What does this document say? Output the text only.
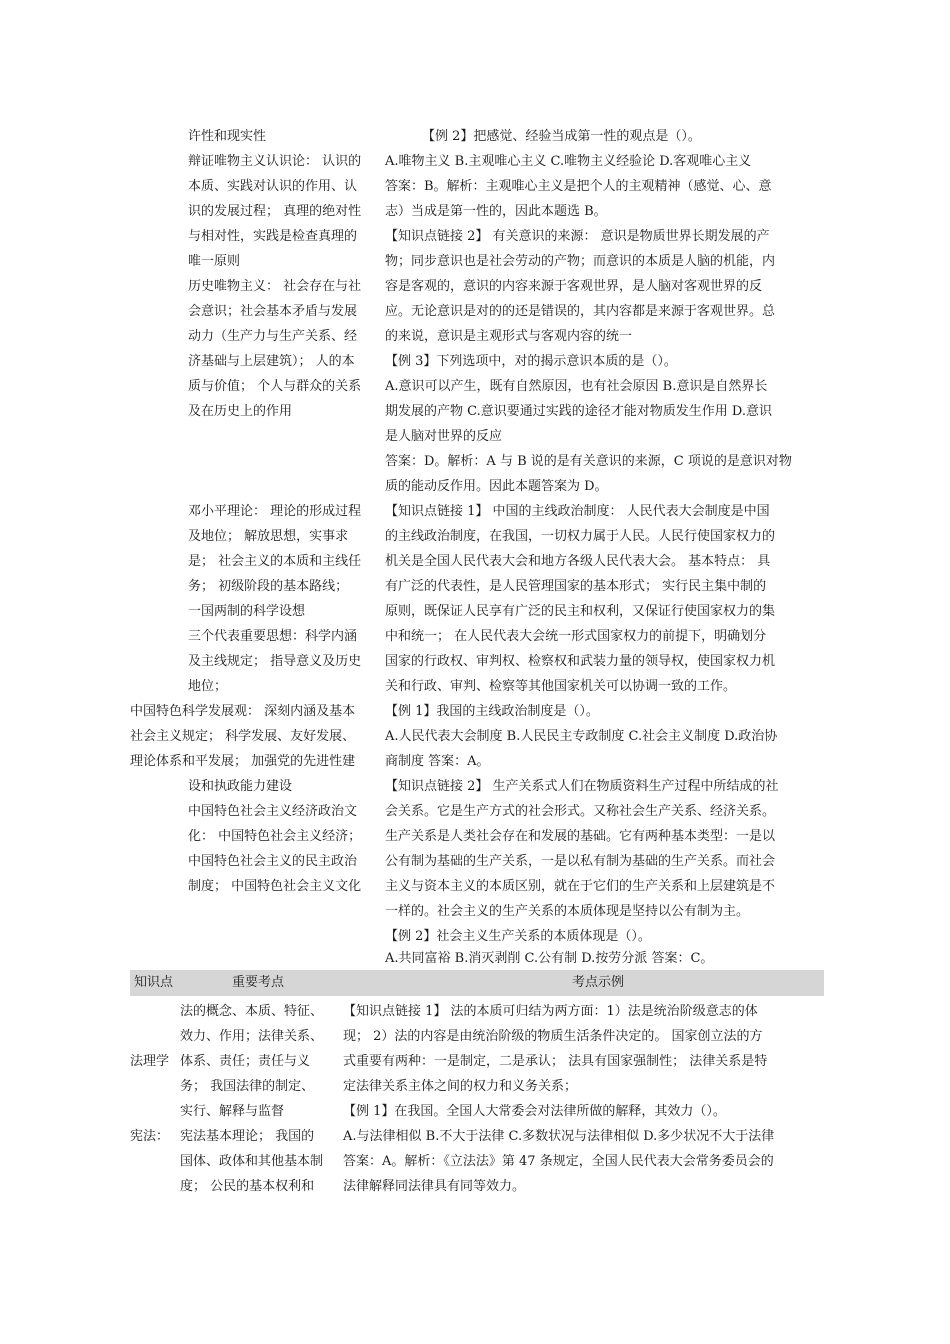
许性和现实性

辩证唯物主义认识论： 认识的

本质、实践对认识的作用、认

识的发展过程； 真理的绝对性

与相对性，实践是检查真理的

唯一原则

历史唯物主义： 社会存在与社

会意识；社会基本矛盾与发展

动力（生产力与生产关系、经

济基础与上层建筑）； 人的本

质与价值； 个人与群众的关系

及在历史上的作用

邓小平理论： 理论的形成过程

及地位； 解放思想，实事求

是； 社会主义的本质和主线任

务； 初级阶段的基本路线；

一国两制的科学设想

三个代表重要思想：科学内涵

及主线规定； 指导意义及历史

地位；

中国特色科学发展观： 深刻内涵及基本

社会主义规定； 科学发展、友好发展、

理论体系和平发展； 加强党的先进性建

设和执政能力建设

中国特色社会主义经济政治文

化： 中国特色社会主义经济；

中国特色社会主义的民主政治

制度； 中国特色社会主义文化

【例 2】把感觉、经验当成第一性的观点是（）。

A.唯物主义 B.主观唯心主义 C.唯物主义经验论 D.客观唯心主义

答案：B。解析：主观唯心主义是把个人的主观精神（感觉、心、意

志）当成是第一性的，因此本题选 B。

【知识点链接 2】 有关意识的来源： 意识是物质世界长期发展的产

物；同步意识也是社会劳动的产物；而意识的本质是人脑的机能，内

容是客观的，意识的内容来源于客观世界，是人脑对客观世界的反

应。无论意识是对的的还是错误的，其内容都是来源于客观世界。总

的来说，意识是主观形式与客观内容的统一

【例 3】下列选项中，对的揭示意识本质的是（）。

A.意识可以产生，既有自然原因，也有社会原因 B.意识是自然界长

期发展的产物 C.意识要通过实践的途径才能对物质发生作用 D.意识

是人脑对世界的反应

答案：D。解析：A 与 B 说的是有关意识的来源，C 项说的是意识对物

质的能动反作用。因此本题答案为 D。

【知识点链接 1】 中国的主线政治制度： 人民代表大会制度是中国

的主线政治制度，在我国，一切权力属于人民。人民行使国家权力的

机关是全国人民代表大会和地方各级人民代表大会。 基本特点： 具

有广泛的代表性，是人民管理国家的基本形式； 实行民主集中制的

原则，既保证人民享有广泛的民主和权利，又保证行使国家权力的集

中和统一； 在人民代表大会统一形式国家权力的前提下，明确划分

国家的行政权、审判权、检察权和武装力量的领导权，使国家权力机

关和行政、审判、检察等其他国家机关可以协调一致的工作。

【例 1】我国的主线政治制度是（）。

A.人民代表大会制度 B.人民民主专政制度 C.社会主义制度 D.政治协

商制度 答案：A。

【知识点链接 2】 生产关系式人们在物质资料生产过程中所结成的社

会关系。它是生产方式的社会形式。又称社会生产关系、经济关系。

生产关系是人类社会存在和发展的基础。它有两种基本类型：一是以

公有制为基础的生产关系，一是以私有制为基础的生产关系。而社会

主义与资本主义的本质区别，就在于它们的生产关系和上层建筑是不

一样的。社会主义的生产关系的本质体现是坚持以公有制为主。

【例 2】社会主义生产关系的本质体现是（）。

A.共同富裕 B.消灭剥削 C.公有制 D.按劳分派 答案：C。

知识点	重要考点	考点示例

法理学

宪法：

法的概念、本质、特征、

效力、作用；法律关系、

体系、责任；责任与义

务； 我国法律的制定、

实行、解释与监督

宪法基本理论； 我国的

国体、政体和其他基本制

度； 公民的基本权利和

【知识点链接 1】 法的本质可归结为两方面：1）法是统治阶级意志的体

现； 2）法的内容是由统治阶级的物质生活条件决定的。 国家创立法的方

式重要有两种：一是制定，二是承认； 法具有国家强制性； 法律关系是特

定法律关系主体之间的权力和义务关系；

【例 1】在我国。全国人大常委会对法律所做的解释，其效力（）。

A.与法律相似 B.不大于法律 C.多数状况与法律相似 D.多少状况不大于法律

答案：A。解析：《立法法》第 47 条规定，全国人民代表大会常务委员会的

法律解释同法律具有同等效力。
